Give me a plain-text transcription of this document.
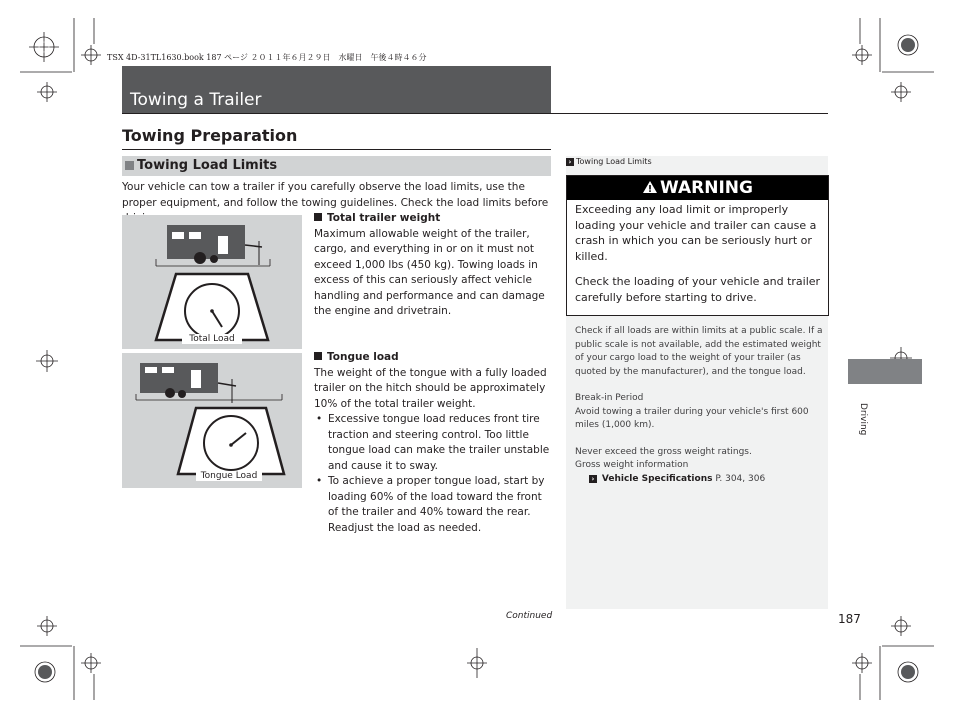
TSX 4D-31TL1630.book 187 ページ ２０１１年６月２９日　水曜日　午後４時４６分
Towing a Trailer
Towing Preparation
Towing Load Limits
Your vehicle can tow a trailer if you carefully observe the load limits, use the proper equipment, and follow the towing guidelines. Check the load limits before
Total Load
Tongue Load
Total trailer weight
Maximum allowable weight of the trailer, cargo, and everything in or on it must not exceed 1,000 lbs (450 kg). Towing loads in excess of this can seriously affect vehicle handling and performance and can damage the engine and drivetrain.
Tongue load
The weight of the tongue with a fully loaded trailer on the hitch should be approximately 10% of the total trailer weight.
• Excessive tongue load reduces front tire traction and steering control. Too little tongue load can make the trailer unstable and cause it to sway.
• To achieve a proper tongue load, start by loading 60% of the load toward the front of the trailer and 40% toward the rear. Readjust the load as needed.
› Towing Load Limits
WARNING

Exceeding any load limit or improperly loading your vehicle and trailer can cause a crash in which you can be seriously hurt or killed.

Check the loading of your vehicle and trailer carefully before starting to drive.

Check if all loads are within limits at a public scale. If a public scale is not available, add the estimated weight of your cargo load to the weight of your trailer (as quoted by the manufacturer), and the tongue load.

Break-in Period
Avoid towing a trailer during your vehicle's first 600 miles (1,000 km).

Never exceed the gross weight ratings.
Gross weight information

› Vehicle Specifications P. 304, 306
Continued	187
Driving
